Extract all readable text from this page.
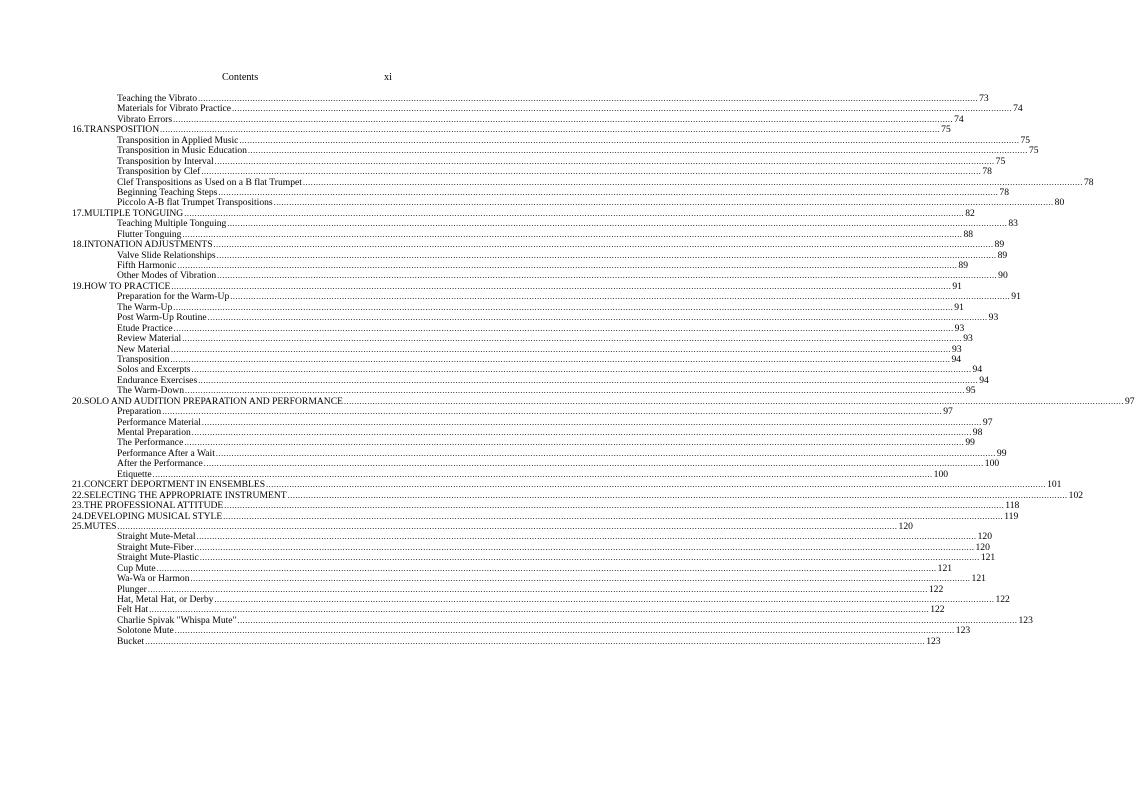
Contents	xi
Teaching the Vibrato ............................................................................................................................................................................................................................................................................................................ 73
Materials for Vibrato Practice ............................................................................................................................................................................................................................................................................................................ 74
Vibrato Errors ............................................................................................................................................................................................................................................................................................................ 74
16. TRANSPOSITION ............................................................................................................................................................................................................................................................................................................ 75
Transposition in Applied Music ............................................................................................................................................................................................................................................................................................................ 75
Transposition in Music Education ............................................................................................................................................................................................................................................................................................................ 75
Transposition by Interval ............................................................................................................................................................................................................................................................................................................ 75
Transposition by Clef ............................................................................................................................................................................................................................................................................................................ 78
Clef Transpositions as Used on a B flat Trumpet ............................................................................................................................................................................................................................................................................................................ 78
Beginning Teaching Steps ............................................................................................................................................................................................................................................................................................................ 78
Piccolo A-B flat Trumpet Transpositions ............................................................................................................................................................................................................................................................................................................ 80
17. MULTIPLE TONGUING ............................................................................................................................................................................................................................................................................................................ 82
Teaching Multiple Tonguing ............................................................................................................................................................................................................................................................................................................ 83
Flutter Tonguing ............................................................................................................................................................................................................................................................................................................ 88
18. INTONATION ADJUSTMENTS ............................................................................................................................................................................................................................................................................................................ 89
Valve Slide Relationships ............................................................................................................................................................................................................................................................................................................ 89
Fifth Harmonic ............................................................................................................................................................................................................................................................................................................ 89
Other Modes of Vibration ............................................................................................................................................................................................................................................................................................................ 90
19. HOW TO PRACTICE ............................................................................................................................................................................................................................................................................................................ 91
Preparation for the Warm-Up ............................................................................................................................................................................................................................................................................................................ 91
The Warm-Up ............................................................................................................................................................................................................................................................................................................ 91
Post Warm-Up Routine ............................................................................................................................................................................................................................................................................................................ 93
Etude Practice ............................................................................................................................................................................................................................................................................................................ 93
Review Material ............................................................................................................................................................................................................................................................................................................ 93
New Material ............................................................................................................................................................................................................................................................................................................ 93
Transposition ............................................................................................................................................................................................................................................................................................................ 94
Solos and Excerpts ............................................................................................................................................................................................................................................................................................................ 94
Endurance Exercises ............................................................................................................................................................................................................................................................................................................ 94
The Warm-Down ............................................................................................................................................................................................................................................................................................................ 95
20. SOLO AND AUDITION PREPARATION AND PERFORMANCE ............................................................................................................................................................................................................................................................................................................ 97
Preparation ............................................................................................................................................................................................................................................................................................................ 97
Performance Material ............................................................................................................................................................................................................................................................................................................ 97
Mental Preparation ............................................................................................................................................................................................................................................................................................................ 98
The Performance ............................................................................................................................................................................................................................................................................................................ 99
Performance After a Wait ............................................................................................................................................................................................................................................................................................................ 99
After the Performance ............................................................................................................................................................................................................................................................................................................ 100
Etiquette ............................................................................................................................................................................................................................................................................................................ 100
21. CONCERT DEPORTMENT IN ENSEMBLES ............................................................................................................................................................................................................................................................................................................ 101
22. SELECTING THE APPROPRIATE INSTRUMENT ............................................................................................................................................................................................................................................................................................................ 102
23. THE PROFESSIONAL ATTITUDE ............................................................................................................................................................................................................................................................................................................ 118
24. DEVELOPING MUSICAL STYLE ............................................................................................................................................................................................................................................................................................................ 119
25. MUTES ............................................................................................................................................................................................................................................................................................................ 120
Straight Mute-Metal ............................................................................................................................................................................................................................................................................................................ 120
Straight Mute-Fiber ............................................................................................................................................................................................................................................................................................................ 120
Straight Mute-Plastic ............................................................................................................................................................................................................................................................................................................ 121
Cup Mute ............................................................................................................................................................................................................................................................................................................ 121
Wa-Wa or Harmon ............................................................................................................................................................................................................................................................................................................ 121
Plunger ............................................................................................................................................................................................................................................................................................................ 122
Hat, Metal Hat, or Derby ............................................................................................................................................................................................................................................................................................................ 122
Felt Hat ............................................................................................................................................................................................................................................................................................................ 122
Charlie Spivak "Whispa Mute" ............................................................................................................................................................................................................................................................................................................ 123
Solotone Mute ............................................................................................................................................................................................................................................................................................................ 123
Bucket ............................................................................................................................................................................................................................................................................................................ 123
